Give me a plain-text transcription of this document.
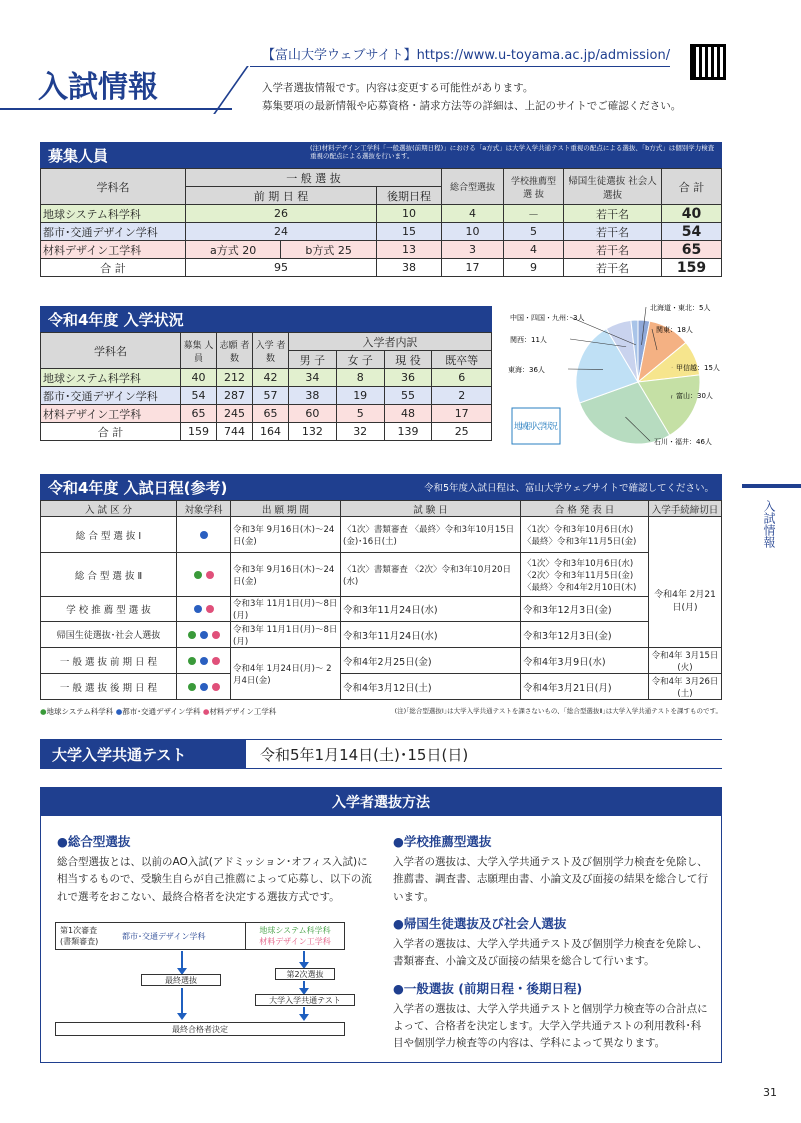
入試情報
【富山大学ウェブサイト】https://www.u-toyama.ac.jp/admission/
入学者選抜情報です。内容は変更する可能性があります。
募集要項の最新情報や応募資格・請求方法等の詳細は、上記のサイトでご確認ください。
入試情報
募集人員	(注)材料デザイン工学科「一般選抜(前期日程)」における「a方式」は大学入学共通テスト重視の配点による選抜、「b方式」は個別学力検査重視の配点による選抜を行います。
学科名	一 般 選 抜			総合型選抜	学校推薦型 選 抜	帰国生徒選抜 社会人選抜	合 計
	前 期 日 程		後期日程				
地球システム科学科	26		10	4	－	若干名	40
都市･交通デザイン学科	24		15	10	5	若干名	54
材料デザイン工学科	a方式 20	b方式 25	13	3	4	若干名	65
合 計	95		38	17	9	若干名	159
令和4年度 入学状況
学科名	募集 人員	志願 者数	入学 者数	入学者内訳			
				男 子	女 子	現 役	既卒等
地球システム科学科	40	212	42	34	8	36	6
都市･交通デザイン学科	54	287	57	38	19	55	2
材料デザイン工学科	65	245	65	60	5	48	17
合 計	159	744	164	132	32	139	25
北海道・東北：5人
関東：18人
甲信越：15人
富山：30人
石川・福井：46人
東海：36人
関西：11人
中国・四国・九州：3人
地域別入学状況
令和4年度 入試日程(参考)	令和5年度入試日程は、富山大学ウェブサイトで確認してください。
入 試 区 分	対象学科	出 願 期 間	試 験 日	合 格 発 表 日	入学手続締切日
総 合 型 選 抜 Ⅰ		令和3年 9月16日(木)～24日(金)	〈1次〉書類審査 〈最終〉令和3年10月15日(金)･16日(土)	〈1次〉令和3年10月6日(水) 〈最終〉令和3年11月5日(金)	
総 合 型 選 抜 Ⅱ		令和3年 9月16日(木)～24日(金)	〈1次〉書類審査 〈2次〉令和3年10月20日(水)	〈1次〉令和3年10月6日(水) 〈2次〉令和3年11月5日(金) 〈最終〉令和4年2月10日(木)	令和4年 2月21日(月)
学 校 推 薦 型 選 抜		令和3年 11月1日(月)～8日(月)	令和3年11月24日(水)	令和3年12月3日(金)	
帰国生徒選抜･社会人選抜		令和3年 11月1日(月)～8日(月)	令和3年11月24日(水)	令和3年12月3日(金)	
一 般 選 抜 前 期 日 程		令和4年 1月24日(月)～ 2月4日(金)	令和4年2月25日(金)	令和4年3月9日(水)	令和4年 3月15日(火)
一 般 選 抜 後 期 日 程			令和4年3月12日(土)	令和4年3月21日(月)	令和4年 3月26日(土)
●地球システム科学科 ●都市･交通デザイン学科 ●材料デザイン工学科	(注)｢総合型選抜Ⅰ｣は大学入学共通テストを課さないもの、｢総合型選抜Ⅱ｣は大学入学共通テストを課すものです。
大学入学共通テスト	令和5年1月14日(土)･15日(日)
入学者選抜方法
●総合型選抜

総合型選抜とは、以前のAO入試(アドミッション･オフィス入試)に相当するもので、受験生自らが自己推薦によって応募し、以下の流れで選考をおこない、最終合格者を決定する選抜方式です。

第1次審査 (書類審査)
都市･交通デザイン学科
地球システム科学科
材料デザイン工学科
第2次選抜
最終選抜
大学入学共通テスト
最終合格者決定
●学校推薦型選抜

入学者の選抜は、大学入学共通テスト及び個別学力検査を免除し、推薦書、調査書、志願理由書、小論文及び面接の結果を総合して行います。

●帰国生徒選抜及び社会人選抜

入学者の選抜は、大学入学共通テスト及び個別学力検査を免除し、書類審査、小論文及び面接の結果を総合して行います。

●一般選抜 (前期日程・後期日程)

入学者の選抜は、大学入学共通テストと個別学力検査等の合計点によって、合格者を決定します。大学入学共通テストの利用教科･科目や個別学力検査等の内容は、学科によって異なります。

31
